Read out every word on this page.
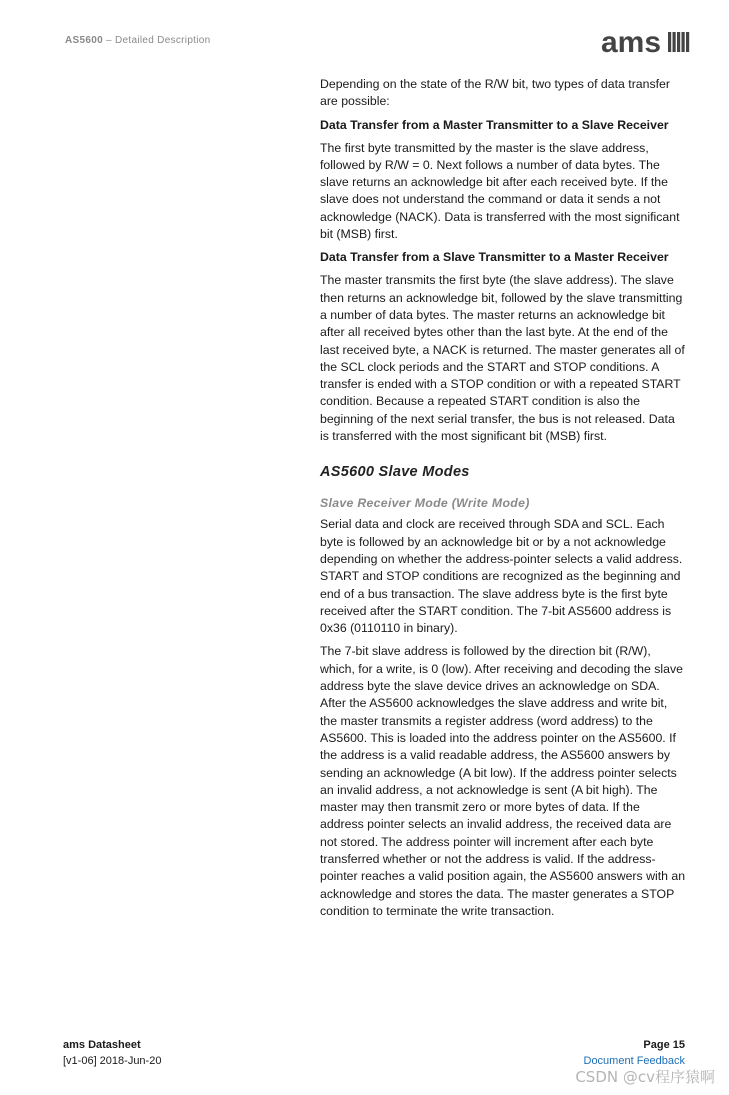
AS5600 – Detailed Description	ams

Depending on the state of the R/W bit, two types of data transfer are possible:

Data Transfer from a Master Transmitter to a Slave Receiver

The first byte transmitted by the master is the slave address, followed by R/W = 0. Next follows a number of data bytes. The slave returns an acknowledge bit after each received byte. If the slave does not understand the command or data it sends a not acknowledge (NACK). Data is transferred with the most significant bit (MSB) first.

Data Transfer from a Slave Transmitter to a Master Receiver

The master transmits the first byte (the slave address). The slave then returns an acknowledge bit, followed by the slave transmitting a number of data bytes. The master returns an acknowledge bit after all received bytes other than the last byte. At the end of the last received byte, a NACK is returned. The master generates all of the SCL clock periods and the START and STOP conditions. A transfer is ended with a STOP condition or with a repeated START condition. Because a repeated START condition is also the beginning of the next serial transfer, the bus is not released. Data is transferred with the most significant bit (MSB) first.

AS5600 Slave Modes
Slave Receiver Mode (Write Mode)

Serial data and clock are received through SDA and SCL. Each byte is followed by an acknowledge bit or by a not acknowledge depending on whether the address-pointer selects a valid address. START and STOP conditions are recognized as the beginning and end of a bus transaction. The slave address byte is the first byte received after the START condition. The 7-bit AS5600 address is 0x36 (0110110 in binary).

The 7-bit slave address is followed by the direction bit (R/W), which, for a write, is 0 (low). After receiving and decoding the slave address byte the slave device drives an acknowledge on SDA. After the AS5600 acknowledges the slave address and write bit, the master transmits a register address (word address) to the AS5600. This is loaded into the address pointer on the AS5600. If the address is a valid readable address, the AS5600 answers by sending an acknowledge (A bit low). If the address pointer selects an invalid address, a not acknowledge is sent (A bit high). The master may then transmit zero or more bytes of data. If the address pointer selects an invalid address, the received data are not stored. The address pointer will increment after each byte transferred whether or not the address is valid. If the address-pointer reaches a valid position again, the AS5600 answers with an acknowledge and stores the data. The master generates a STOP condition to terminate the write transaction.

ams Datasheet
[v1-06] 2018-Jun-20
Page 15
Document Feedback
CSDN @cv程序猿啊
